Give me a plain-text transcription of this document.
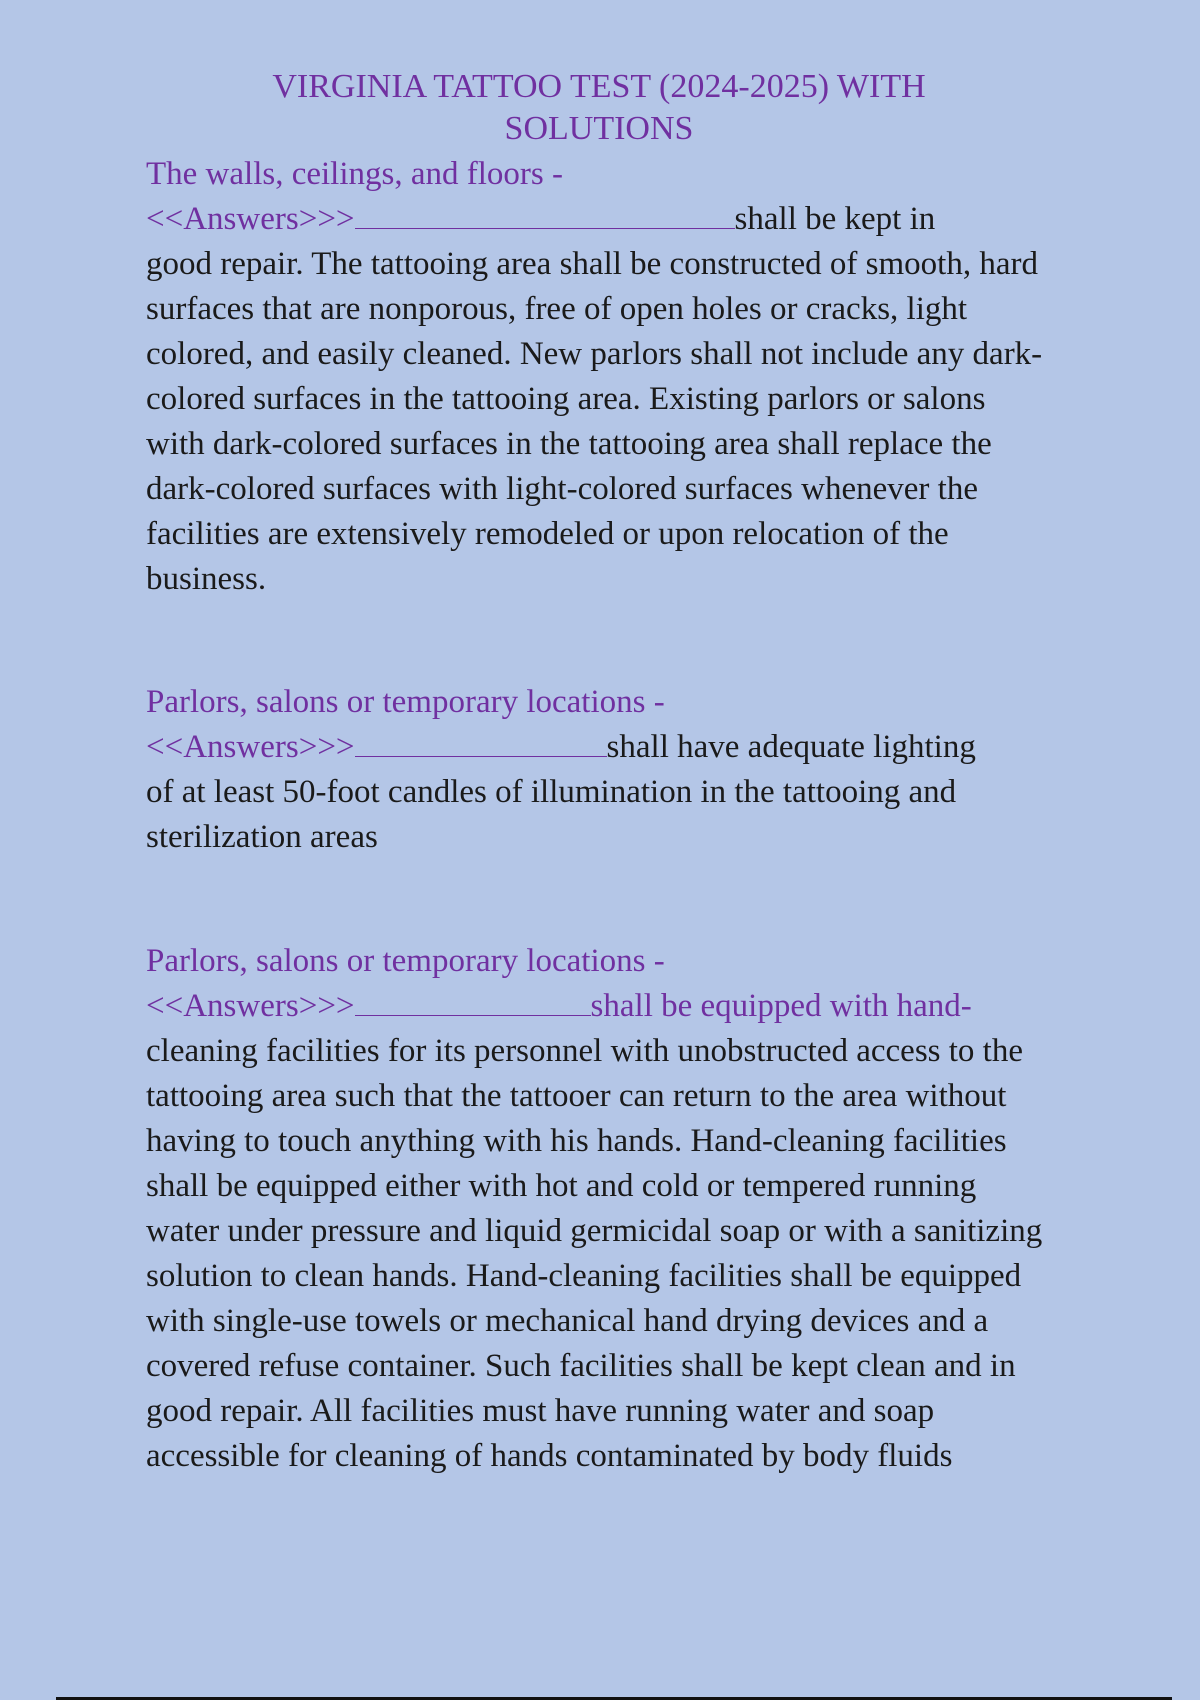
VIRGINIA TATTOO TEST (2024-2025) WITH
SOLUTIONS
The walls, ceilings, and floors -
<<Answers>>>	shall be kept in
good repair. The tattooing area shall be constructed of smooth, hard surfaces that are nonporous, free of open holes or cracks, light colored, and easily cleaned. New parlors shall not include any dark-colored surfaces in the tattooing area. Existing parlors or salons with dark-colored surfaces in the tattooing area shall replace the dark-colored surfaces with light-colored surfaces whenever the facilities are extensively remodeled or upon relocation of the business.
Parlors, salons or temporary locations -
<<Answers>>>	shall have adequate lighting
of at least 50-foot candles of illumination in the tattooing and sterilization areas
Parlors, salons or temporary locations -
<<Answers>>>	shall be equipped with hand-
cleaning facilities for its personnel with unobstructed access to the tattooing area such that the tattooer can return to the area without having to touch anything with his hands. Hand-cleaning facilities shall be equipped either with hot and cold or tempered running water under pressure and liquid germicidal soap or with a sanitizing solution to clean hands. Hand-cleaning facilities shall be equipped with single-use towels or mechanical hand drying devices and a covered refuse container. Such facilities shall be kept clean and in good repair. All facilities must have running water and soap accessible for cleaning of hands contaminated by body fluids
